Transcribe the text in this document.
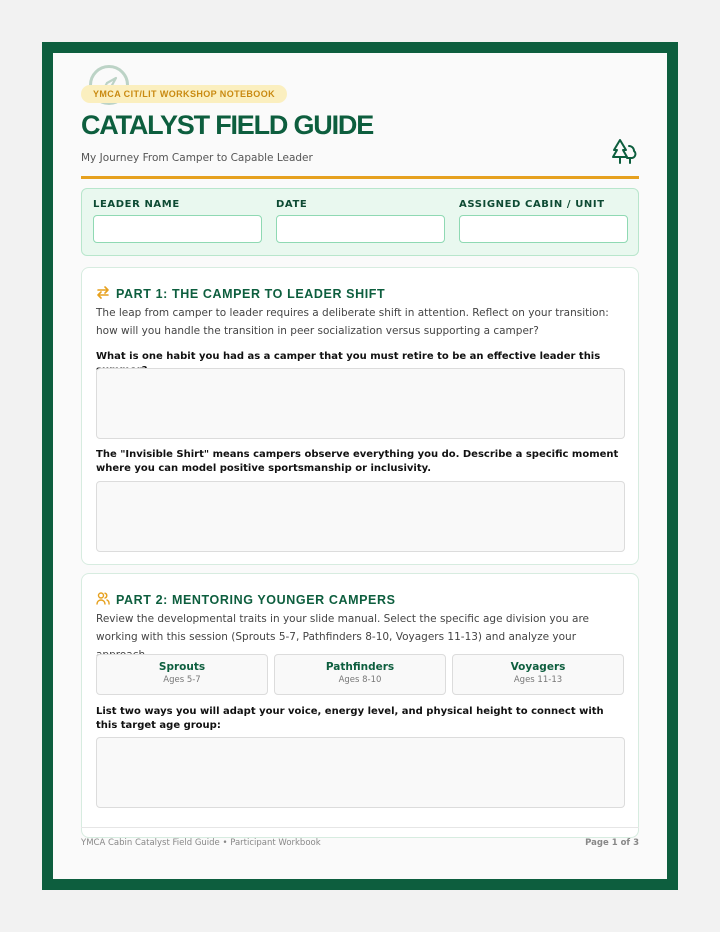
YMCA CIT/LIT WORKSHOP NOTEBOOK
CATALYST FIELD GUIDE
My Journey From Camper to Capable Leader
LEADER NAME	DATE	ASSIGNED CABIN / UNIT
PART 1: THE CAMPER TO LEADER SHIFT
The leap from camper to leader requires a deliberate shift in attention. Reflect on your transition: how will you handle the transition in peer socialization versus supporting a camper?
What is one habit you had as a camper that you must retire to be an effective leader this
The "Invisible Shirt" means campers observe everything you do. Describe a specific moment where you can model positive sportsmanship or inclusivity.
PART 2: MENTORING YOUNGER CAMPERS
Review the developmental traits in your slide manual. Select the specific age division you are working with this session (Sprouts 5-7, Pathfinders 8-10, Voyagers 11-13) and analyze your
Sprouts
Ages 5-7
Pathfinders
Ages 8-10
Voyagers
Ages 11-13
List two ways you will adapt your voice, energy level, and physical height to connect with this target age group:
YMCA Cabin Catalyst Field Guide • Participant Workbook	Page 1 of 3
